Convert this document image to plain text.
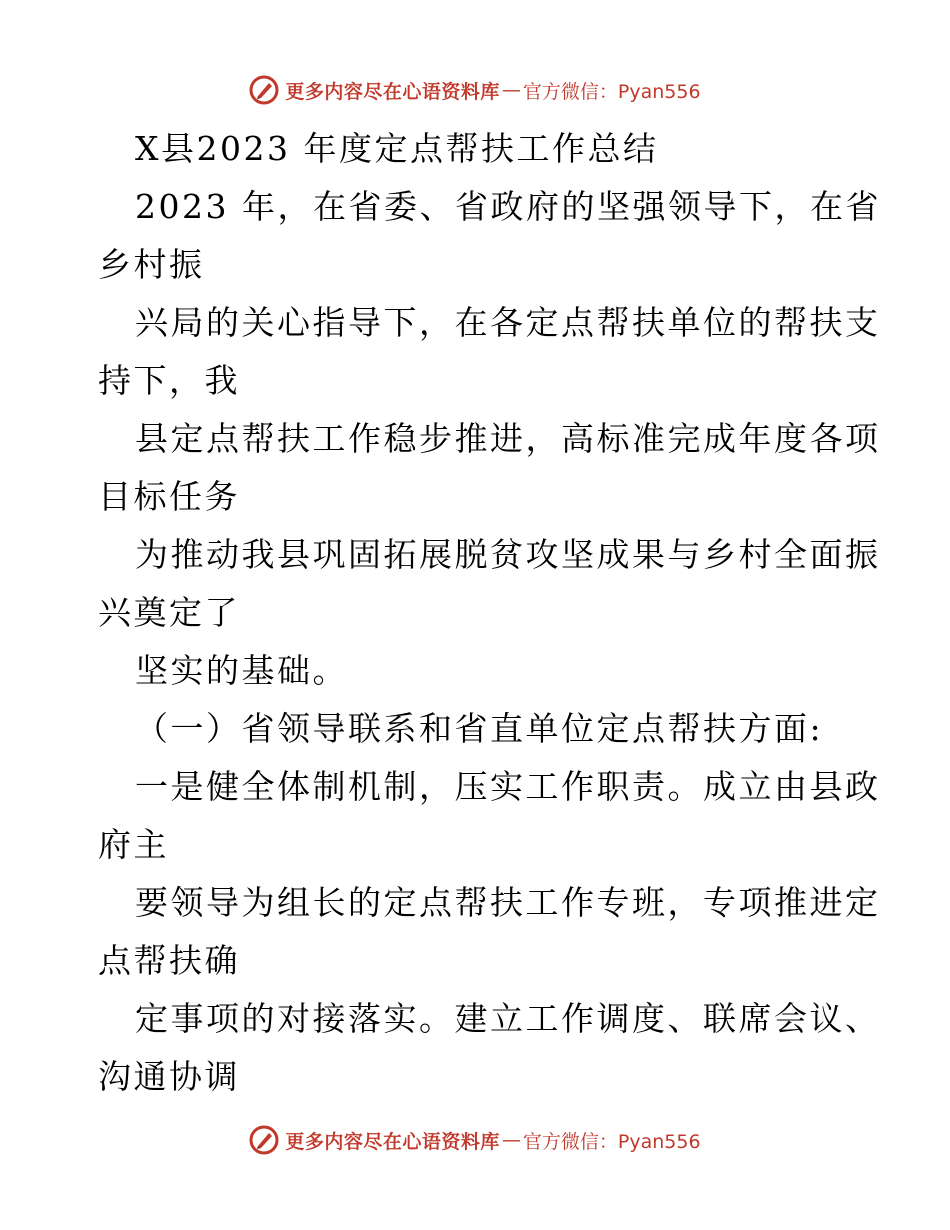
更多内容尽在心语资料库 — 官方微信：Pyan556
X县2023 年度定点帮扶工作总结
2023 年，在省委、省政府的坚强领导下，在省
乡村振
兴局的关心指导下，在各定点帮扶单位的帮扶支
持下，我
县定点帮扶工作稳步推进，高标准完成年度各项
目标任务
为推动我县巩固拓展脱贫攻坚成果与乡村全面振
兴奠定了
坚实的基础。
（一）省领导联系和省直单位定点帮扶方面:
一是健全体制机制，压实工作职责。成立由县政
府主
要领导为组长的定点帮扶工作专班，专项推进定
点帮扶确
定事项的对接落实。建立工作调度、联席会议、
沟通协调
更多内容尽在心语资料库 — 官方微信：Pyan556
